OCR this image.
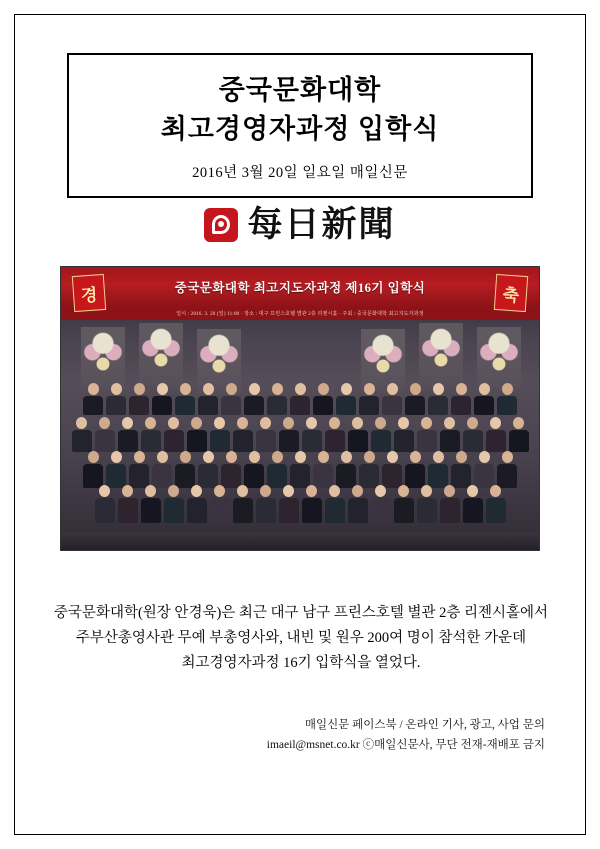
중국문화대학
최고경영자과정 입학식
2016년 3월 20일 일요일 매일신문
每日新聞
중국문화대학 최고지도자과정 제16기 입학식
일시 : 2016. 3. 20 (일) 11:00 · 장소 : 대구 프린스호텔 별관 2층 리젠시홀 · 주최 : 중국문화대학 최고지도자과정
경	축
중국문화대학(원장 안경욱)은 최근 대구 남구 프린스호텔 별관 2층 리젠시홀에서
주부산총영사관 무예 부총영사와, 내빈 및 원우 200여 명이 참석한 가운데
최고경영자과정 16기 입학식을 열었다.
매일신문 페이스북 / 온라인 기사, 광고, 사업 문의
imaeil@msnet.co.kr ⓒ매일신문사, 무단 전재-재배포 금지
